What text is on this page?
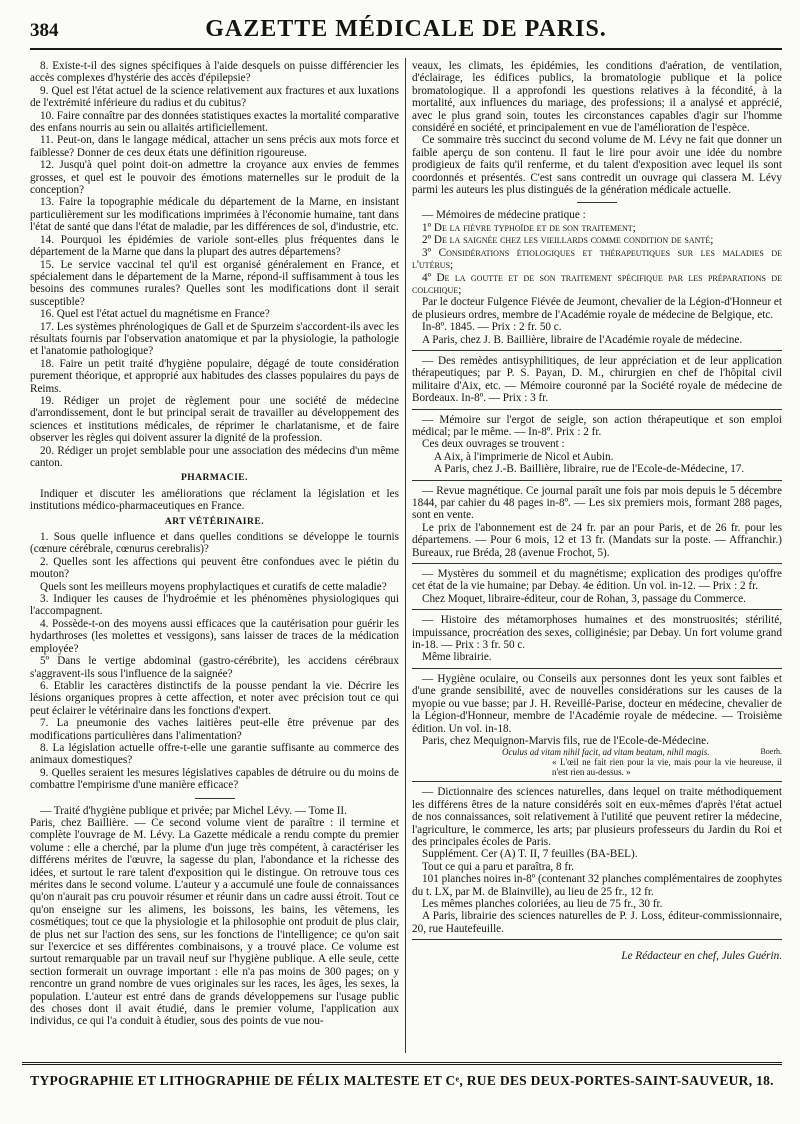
384	GAZETTE MÉDICALE DE PARIS.

8. Existe-t-il des signes spécifiques à l'aide desquels on puisse différencier les accès complexes d'hystérie des accès d'épilepsie?

9. Quel est l'état actuel de la science relativement aux fractures et aux luxations de l'extrémité inférieure du radius et du cubitus?

10. Faire connaître par des données statistiques exactes la mortalité comparative des enfans nourris au sein ou allaités artificiellement.

11. Peut-on, dans le langage médical, attacher un sens précis aux mots force et faiblesse? Donner de ces deux états une définition rigoureuse.

12. Jusqu'à quel point doit-on admettre la croyance aux envies de femmes grosses, et quel est le pouvoir des émotions maternelles sur le produit de la conception?

13. Faire la topographie médicale du département de la Marne, en insistant particulièrement sur les modifications imprimées à l'économie humaine, tant dans l'état de santé que dans l'état de maladie, par les différences de sol, d'industrie, etc.

14. Pourquoi les épidémies de variole sont-elles plus fréquentes dans le département de la Marne que dans la plupart des autres départemens?

15. Le service vaccinal tel qu'il est organisé généralement en France, et spécialement dans le département de la Marne, répond-il suffisamment à tous les besoins des communes rurales? Quelles sont les modifications dont il serait susceptible?

16. Quel est l'état actuel du magnétisme en France?

17. Les systèmes phrénologiques de Gall et de Spurzeim s'accordent-ils avec les résultats fournis par l'observation anatomique et par la physiologie, la pathologie et l'anatomie pathologique?

18. Faire un petit traité d'hygiène populaire, dégagé de toute considération purement théorique, et approprié aux habitudes des classes populaires du pays de Reims.

19. Rédiger un projet de règlement pour une société de médecine d'arrondissement, dont le but principal serait de travailler au développement des sciences et institutions médicales, de réprimer le charlatanisme, et de faire observer les règles qui doivent assurer la dignité de la profession.

20. Rédiger un projet semblable pour une association des médecins d'un même canton.

PHARMACIE.

Indiquer et discuter les améliorations que réclament la législation et les institutions médico-pharmaceutiques en France.

ART VÉTÉRINAIRE.

1. Sous quelle influence et dans quelles conditions se développe le tournis (cœnure cérébrale, cœnurus cerebralis)?

2. Quelles sont les affections qui peuvent être confondues avec le piétin du mouton?

Quels sont les meilleurs moyens prophylactiques et curatifs de cette maladie?

3. Indiquer les causes de l'hydroémie et les phénomènes physiologiques qui l'accompagnent.

4. Possède-t-on des moyens aussi efficaces que la cautérisation pour guérir les hydarthroses (les molettes et vessigons), sans laisser de traces de la médication employée?

5º Dans le vertige abdominal (gastro-cérébrite), les accidens cérébraux s'aggravent-ils sous l'influence de la saignée?

6. Etablir les caractères distinctifs de la pousse pendant la vie. Décrire les lésions organiques propres à cette affection, et noter avec précision tout ce qui peut éclairer le vétérinaire dans les fonctions d'expert.

7. La pneumonie des vaches laitières peut-elle être prévenue par des modifications particulières dans l'alimentation?

8. La législation actuelle offre-t-elle une garantie suffisante au commerce des animaux domestiques?

9. Quelles seraient les mesures législatives capables de détruire ou du moins de combattre l'empirisme d'une manière efficace?

— Traité d'hygiène publique et privée; par Michel Lévy. — Tome II.

Paris, chez Baillière. — Ce second volume vient de paraître : il termine et complète l'ouvrage de M. Lévy. La Gazette médicale a rendu compte du premier volume : elle a cherché, par la plume d'un juge très compétent, à caractériser les différens mérites de l'œuvre, la sagesse du plan, l'abondance et la richesse des idées, et surtout le rare talent d'exposition qui le distingue. On retrouve tous ces mérites dans le second volume. L'auteur y a accumulé une foule de connaissances qu'on n'aurait pas cru pouvoir résumer et réunir dans un cadre aussi étroit. Tout ce qu'on enseigne sur les alimens, les boissons, les bains, les vêtemens, les cosmétiques; tout ce que la physiologie et la philosophie ont produit de plus clair, de plus net sur l'action des sens, sur les fonctions de l'intelligence; ce qu'on sait sur l'exercice et ses différentes combinaisons, y a trouvé place. Ce volume est surtout remarquable par un travail neuf sur l'hygiène publique. A elle seule, cette section formerait un ouvrage important : elle n'a pas moins de 300 pages; on y rencontre un grand nombre de vues originales sur les races, les âges, les sexes, la population. L'auteur est entré dans de grands développemens sur l'usage public des choses dont il avait étudié, dans le premier volume, l'application aux individus, ce qui l'a conduit à étudier, sous des points de vue nou-

veaux, les climats, les épidémies, les conditions d'aération, de ventilation, d'éclairage, les édifices publics, la bromatologie publique et la police bromatologique. Il a approfondi les questions relatives à la fécondité, à la mortalité, aux influences du mariage, des professions; il a analysé et apprécié, avec le plus grand soin, toutes les circonstances capables d'agir sur l'homme considéré en société, et principalement en vue de l'amélioration de l'espèce.

Ce sommaire très succinct du second volume de M. Lévy ne fait que donner un faible aperçu de son contenu. Il faut le lire pour avoir une idée du nombre prodigieux de faits qu'il renferme, et du talent d'exposition avec lequel ils sont coordonnés et présentés. C'est sans contredit un ouvrage qui classera M. Lévy parmi les auteurs les plus distingués de la génération médicale actuelle.

— Mémoires de médecine pratique :

1º De la fièvre typhoïde et de son traitement;

2º De la saignée chez les vieillards comme condition de santé;

3º Considérations étiologiques et thérapeutiques sur les maladies de l'utérus;

4º De la goutte et de son traitement spécifique par les préparations de colchique;

Par le docteur Fulgence Fiévée de Jeumont, chevalier de la Légion-d'Honneur et de plusieurs ordres, membre de l'Académie royale de médecine de Belgique, etc.

In-8º. 1845. — Prix : 2 fr. 50 c.

A Paris, chez J. B. Baillière, libraire de l'Académie royale de médecine.

— Des remèdes antisyphilitiques, de leur appréciation et de leur application thérapeutiques; par P. S. Payan, D. M., chirurgien en chef de l'hôpital civil militaire d'Aix, etc. — Mémoire couronné par la Société royale de médecine de Bordeaux. In-8º. — Prix : 3 fr.

— Mémoire sur l'ergot de seigle, son action thérapeutique et son emploi médical; par le même. — In-8º. Prix : 2 fr.

Ces deux ouvrages se trouvent :

A Aix, à l'imprimerie de Nicol et Aubin.

A Paris, chez J.-B. Baillière, libraire, rue de l'Ecole-de-Médecine, 17.

— Revue magnétique. Ce journal paraît une fois par mois depuis le 5 décembre 1844, par cahier du 48 pages in-8º. — Les six premiers mois, formant 288 pages, sont en vente.

Le prix de l'abonnement est de 24 fr. par an pour Paris, et de 26 fr. pour les départemens. — Pour 6 mois, 12 et 13 fr. (Mandats sur la poste. — Affranchir.) Bureaux, rue Bréda, 28 (avenue Frochot, 5).

— Mystères du sommeil et du magnétisme; explication des prodiges qu'offre cet état de la vie humaine; par Debay. 4e édition. Un vol. in-12. — Prix : 2 fr.

Chez Moquet, libraire-éditeur, cour de Rohan, 3, passage du Commerce.

— Histoire des métamorphoses humaines et des monstruosités; stérilité, impuissance, procréation des sexes, colliginésie; par Debay. Un fort volume grand in-18. — Prix : 3 fr. 50 c.

Même librairie.

— Hygiène oculaire, ou Conseils aux personnes dont les yeux sont faibles et d'une grande sensibilité, avec de nouvelles considérations sur les causes de la myopie ou vue basse; par J. H. Reveillé-Parise, docteur en médecine, chevalier de la Légion-d'Honneur, membre de l'Académie royale de médecine. — Troisième édition. Un vol. in-18.

Paris, chez Mequignon-Marvis fils, rue de l'Ecole-de-Médecine.

Boerh.
Oculus ad vitam nihil facit, ad vitam beatam, nihil magis.

« L'œil ne fait rien pour la vie, mais pour la vie heureuse, il n'est rien au-dessus. »

— Dictionnaire des sciences naturelles, dans lequel on traite méthodiquement les différens êtres de la nature considérés soit en eux-mêmes d'après l'état actuel de nos connaissances, soit relativement à l'utilité que peuvent retirer la médecine, l'agriculture, le commerce, les arts; par plusieurs professeurs du Jardin du Roi et des principales écoles de Paris.

Supplément. Cer (A) T. II, 7 feuilles (BA-BEL).

Tout ce qui a paru et paraîtra, 8 fr.

101 planches noires in-8º (contenant 32 planches complémentaires de zoophytes du t. LX, par M. de Blainville), au lieu de 25 fr., 12 fr.

Les mêmes planches coloriées, au lieu de 75 fr., 30 fr.

A Paris, librairie des sciences naturelles de P. J. Loss, éditeur-commissionnaire, 20, rue Hautefeuille.

Le Rédacteur en chef, Jules Guérin.

TYPOGRAPHIE ET LITHOGRAPHIE DE FÉLIX MALTESTE ET Cᵉ, RUE DES DEUX-PORTES-SAINT-SAUVEUR, 18.
